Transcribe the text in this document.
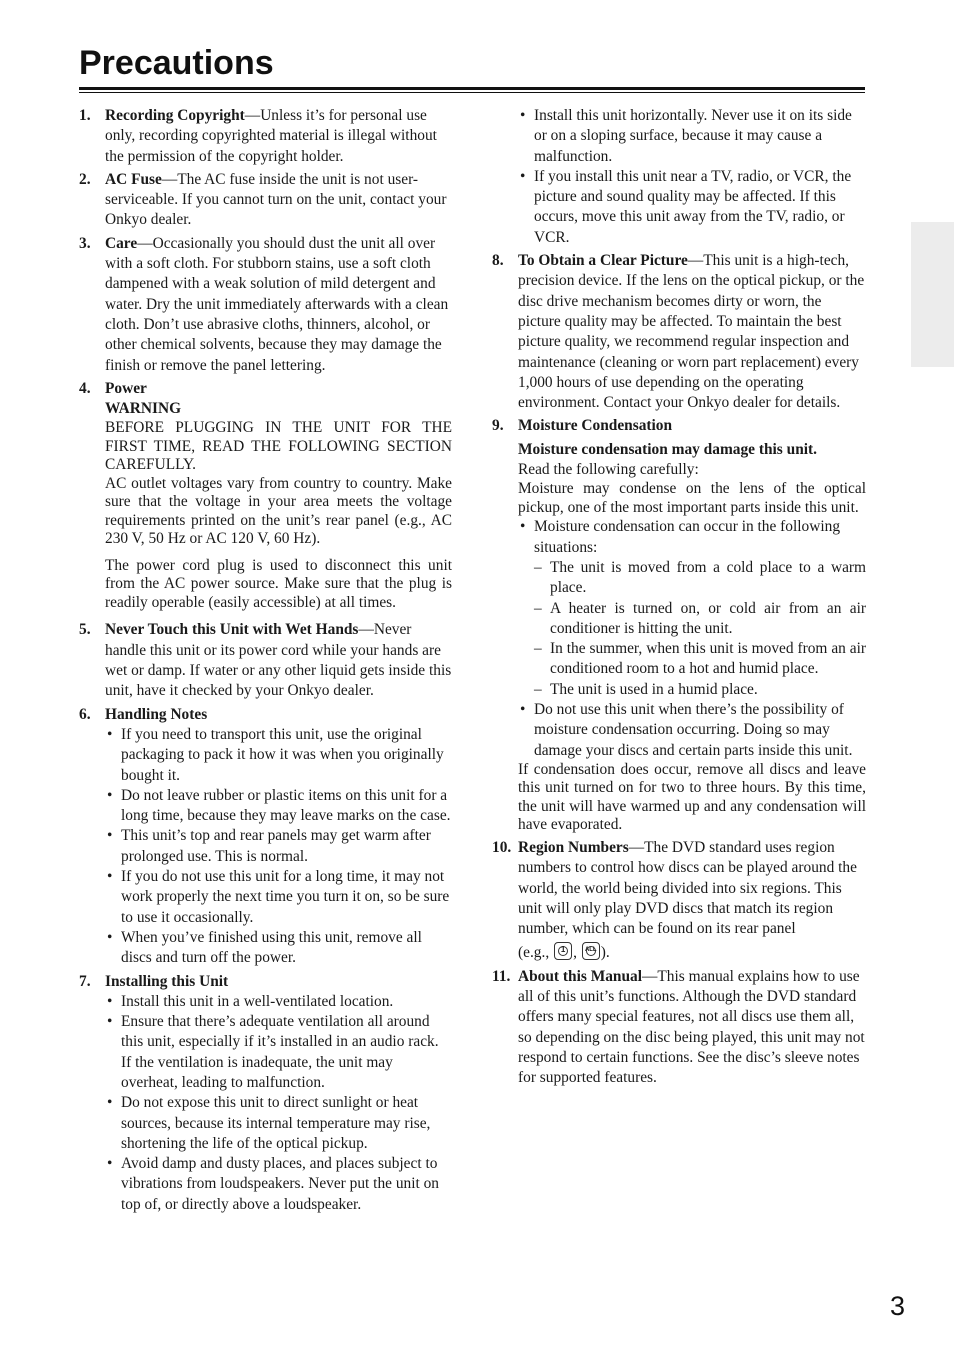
Precautions
1. Recording Copyright—Unless it’s for personal use only, recording copyrighted material is illegal without the permission of the copyright holder.

2. AC Fuse—The AC fuse inside the unit is not user-serviceable. If you cannot turn on the unit, contact your Onkyo dealer.

3. Care—Occasionally you should dust the unit all over with a soft cloth. For stubborn stains, use a soft cloth dampened with a weak solution of mild detergent and water. Dry the unit immediately afterwards with a clean cloth. Don’t use abrasive cloths, thinners, alcohol, or other chemical solvents, because they may damage the finish or remove the panel lettering.

4. Power

WARNING

BEFORE PLUGGING IN THE UNIT FOR THE FIRST TIME, READ THE FOLLOWING SECTION CAREFULLY.

AC outlet voltages vary from country to country. Make sure that the voltage in your area meets the voltage requirements printed on the unit’s rear panel (e.g., AC 230 V, 50 Hz or AC 120 V, 60 Hz).

The power cord plug is used to disconnect this unit from the AC power source. Make sure that the plug is readily operable (easily accessible) at all times.

5. Never Touch this Unit with Wet Hands—Never handle this unit or its power cord while your hands are wet or damp. If water or any other liquid gets inside this unit, have it checked by your Onkyo dealer.

6. Handling Notes

• If you need to transport this unit, use the original packaging to pack it how it was when you originally bought it.
• Do not leave rubber or plastic items on this unit for a long time, because they may leave marks on the case.
• This unit’s top and rear panels may get warm after prolonged use. This is normal.
• If you do not use this unit for a long time, it may not work properly the next time you turn it on, so be sure to use it occasionally.
• When you’ve finished using this unit, remove all discs and turn off the power.
7. Installing this Unit

• Install this unit in a well-ventilated location.
• Ensure that there’s adequate ventilation all around this unit, especially if it’s installed in an audio rack. If the ventilation is inadequate, the unit may overheat, leading to malfunction.
• Do not expose this unit to direct sunlight or heat sources, because its internal temperature may rise, shortening the life of the optical pickup.
• Avoid damp and dusty places, and places subject to vibrations from loudspeakers. Never put the unit on top of, or directly above a loudspeaker.
• Install this unit horizontally. Never use it on its side or on a sloping surface, because it may cause a malfunction.
• If you install this unit near a TV, radio, or VCR, the picture and sound quality may be affected. If this occurs, move this unit away from the TV, radio, or VCR.
8. To Obtain a Clear Picture—This unit is a high-tech, precision device. If the lens on the optical pickup, or the disc drive mechanism becomes dirty or worn, the picture quality may be affected. To maintain the best picture quality, we recommend regular inspection and maintenance (cleaning or worn part replacement) every 1,000 hours of use depending on the operating environment. Contact your Onkyo dealer for details.

9. Moisture Condensation

Moisture condensation may damage this unit.

Read the following carefully:

Moisture may condense on the lens of the optical pickup, one of the most important parts inside this unit.

• Moisture condensation can occur in the following situations:
– The unit is moved from a cold place to a warm place.
– A heater is turned on, or cold air from an air conditioner is hitting the unit.
– In the summer, when this unit is moved from an air conditioned room to a hot and humid place.
– The unit is used in a humid place.
• Do not use this unit when there’s the possibility of moisture condensation occurring. Doing so may damage your discs and certain parts inside this unit.

If condensation does occur, remove all discs and leave this unit turned on for two to three hours. By this time, the unit will have warmed up and any condensation will have evaporated.

10. Region Numbers—The DVD standard uses region numbers to control how discs can be played around the world, the world being divided into six regions. This unit will only play DVD discs that match its region number, which can be found on its rear panel

(e.g.,	1 ,	ALL ).

11. About this Manual—This manual explains how to use all of this unit’s functions. Although the DVD standard offers many special features, not all discs use them all, so depending on the disc being played, this unit may not respond to certain functions. See the disc’s sleeve notes for supported features.

3
